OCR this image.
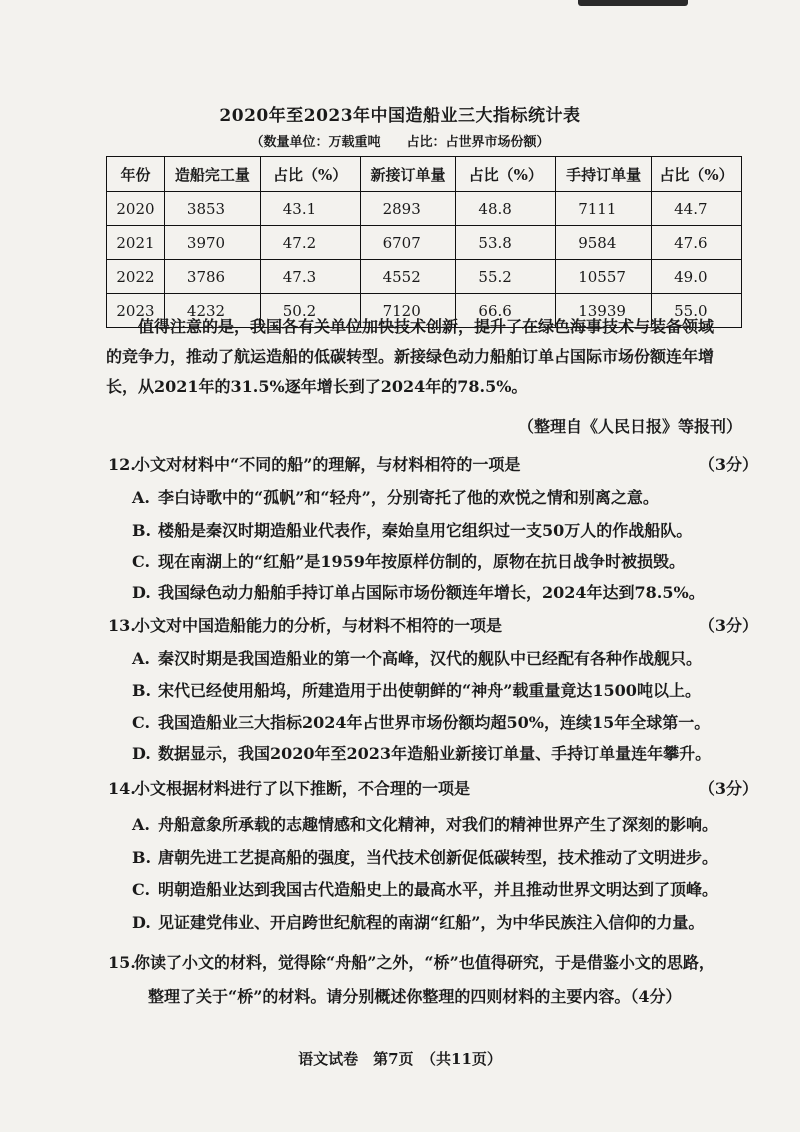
2020年至2023年中国造船业三大指标统计表
（数量单位：万载重吨　　占比：占世界市场份额）
年份	造船完工量	占比（%）	新接订单量	占比（%）	手持订单量	占比（%）
2020	3853	43.1	2893	48.8	7111	44.7
2021	3970	47.2	6707	53.8	9584	47.6
2022	3786	47.3	4552	55.2	10557	49.0
2023	4232	50.2	7120	66.6	13939	55.0
　　值得注意的是，我国各有关单位加快技术创新，提升了在绿色海事技术与装备领域
的竞争力，推动了航运造船的低碳转型。新接绿色动力船舶订单占国际市场份额连年增
长，从2021年的31.5%逐年增长到了2024年的78.5%。
（整理自《人民日报》等报刊）
12.小文对材料中“不同的船”的理解，与材料相符的一项是	（3分）
A. 李白诗歌中的“孤帆”和“轻舟”，分别寄托了他的欢悦之情和别离之意。
B. 楼船是秦汉时期造船业代表作，秦始皇用它组织过一支50万人的作战船队。
C. 现在南湖上的“红船”是1959年按原样仿制的，原物在抗日战争时被损毁。
D. 我国绿色动力船舶手持订单占国际市场份额连年增长，2024年达到78.5%。
13.小文对中国造船能力的分析，与材料不相符的一项是	（3分）
A. 秦汉时期是我国造船业的第一个高峰，汉代的舰队中已经配有各种作战舰只。
B. 宋代已经使用船坞，所建造用于出使朝鲜的“神舟”载重量竟达1500吨以上。
C. 我国造船业三大指标2024年占世界市场份额均超50%，连续15年全球第一。
D. 数据显示，我国2020年至2023年造船业新接订单量、手持订单量连年攀升。
14.小文根据材料进行了以下推断，不合理的一项是	（3分）
A. 舟船意象所承载的志趣情感和文化精神，对我们的精神世界产生了深刻的影响。
B. 唐朝先进工艺提高船的强度，当代技术创新促低碳转型，技术推动了文明进步。
C. 明朝造船业达到我国古代造船史上的最高水平，并且推动世界文明达到了顶峰。
D. 见证建党伟业、开启跨世纪航程的南湖“红船”，为中华民族注入信仰的力量。
15.你读了小文的材料，觉得除“舟船”之外，“桥”也值得研究，于是借鉴小文的思路，
整理了关于“桥”的材料。请分别概述你整理的四则材料的主要内容。（4分）
语文试卷　第7页　（共11页）
